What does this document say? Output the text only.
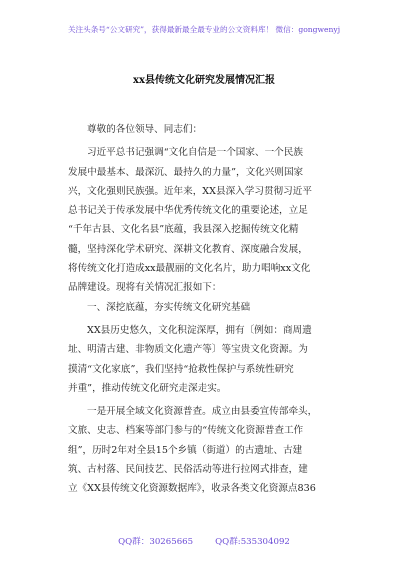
关注头条号“公文研究”，获得最新最全最专业的公文资料库！ 微信：gongwenyj
xx县传统文化研究发展情况汇报
尊敬的各位领导、同志们：
习近平总书记强调“文化自信是一个国家、一个民族
发展中最基本、最深沉、最持久的力量”，文化兴则国家
兴，文化强则民族强。近年来，XX县深入学习贯彻习近平
总书记关于传承发展中华优秀传统文化的重要论述，立足
“千年古县、文化名县”底蕴，我县深入挖掘传统文化精
髓，坚持深化学术研究、深耕文化教育、深度融合发展，
将传统文化打造成xx最靓丽的文化名片，助力唱响xx文化
品牌建设。现将有关情况汇报如下：
一、深挖底蕴，夯实传统文化研究基础
XX县历史悠久，文化积淀深厚，拥有〔例如：商周遗
址、明清古建、非物质文化遗产等〕等宝贵文化资源。为
摸清“文化家底”，我们坚持“抢救性保护与系统性研究
并重”，推动传统文化研究走深走实。
一是开展全域文化资源普查。成立由县委宣传部牵头，
文旅、史志、档案等部门参与的“传统文化资源普查工作
组”，历时2年对全县15个乡镇（街道）的古遗址、古建
筑、古村落、民间技艺、民俗活动等进行拉网式排查，建
立《XX县传统文化资源数据库》，收录各类文化资源点836
QQ群：30265665	QQ群:535304092
